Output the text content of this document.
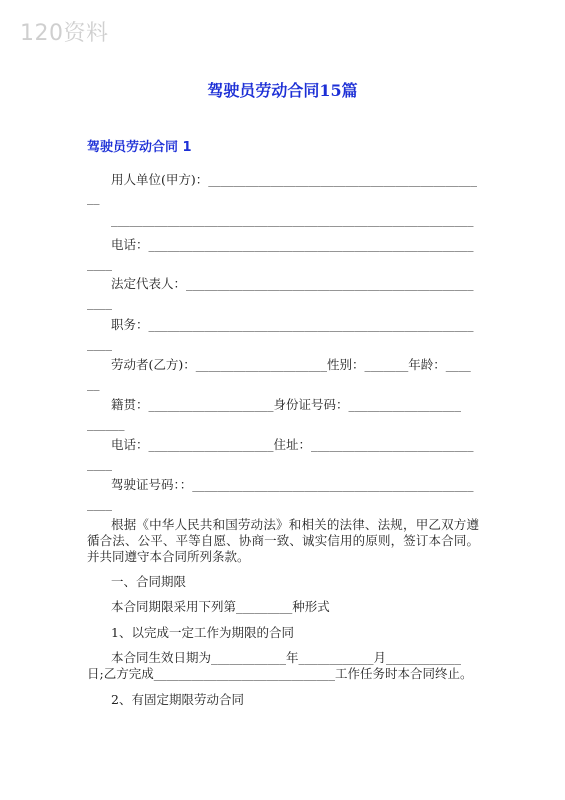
120资料
驾驶员劳动合同15篇
驾驶员劳动合同 1
用人单位(甲方)：___________________________________________
__
__________________________________________________________
电话：____________________________________________________
____
法定代表人：______________________________________________
____
职务：____________________________________________________
____
劳动者(乙方)：_____________________性别：_______年龄：____
__
籍贯：____________________身份证号码：__________________
______
电话：____________________住址：__________________________
____
驾驶证号码：：_____________________________________________
____
根据《中华人民共和国劳动法》和相关的法律、法规，甲乙双方遵循合法、公平、平等自愿、协商一致、诚实信用的原则，签订本合同。并共同遵守本合同所列条款。
一、合同期限
本合同期限采用下列第_________种形式
1、以完成一定工作为期限的合同
本合同生效日期为____________年____________月____________
日;乙方完成_____________________________工作任务时本合同终止。
2、有固定期限劳动合同
